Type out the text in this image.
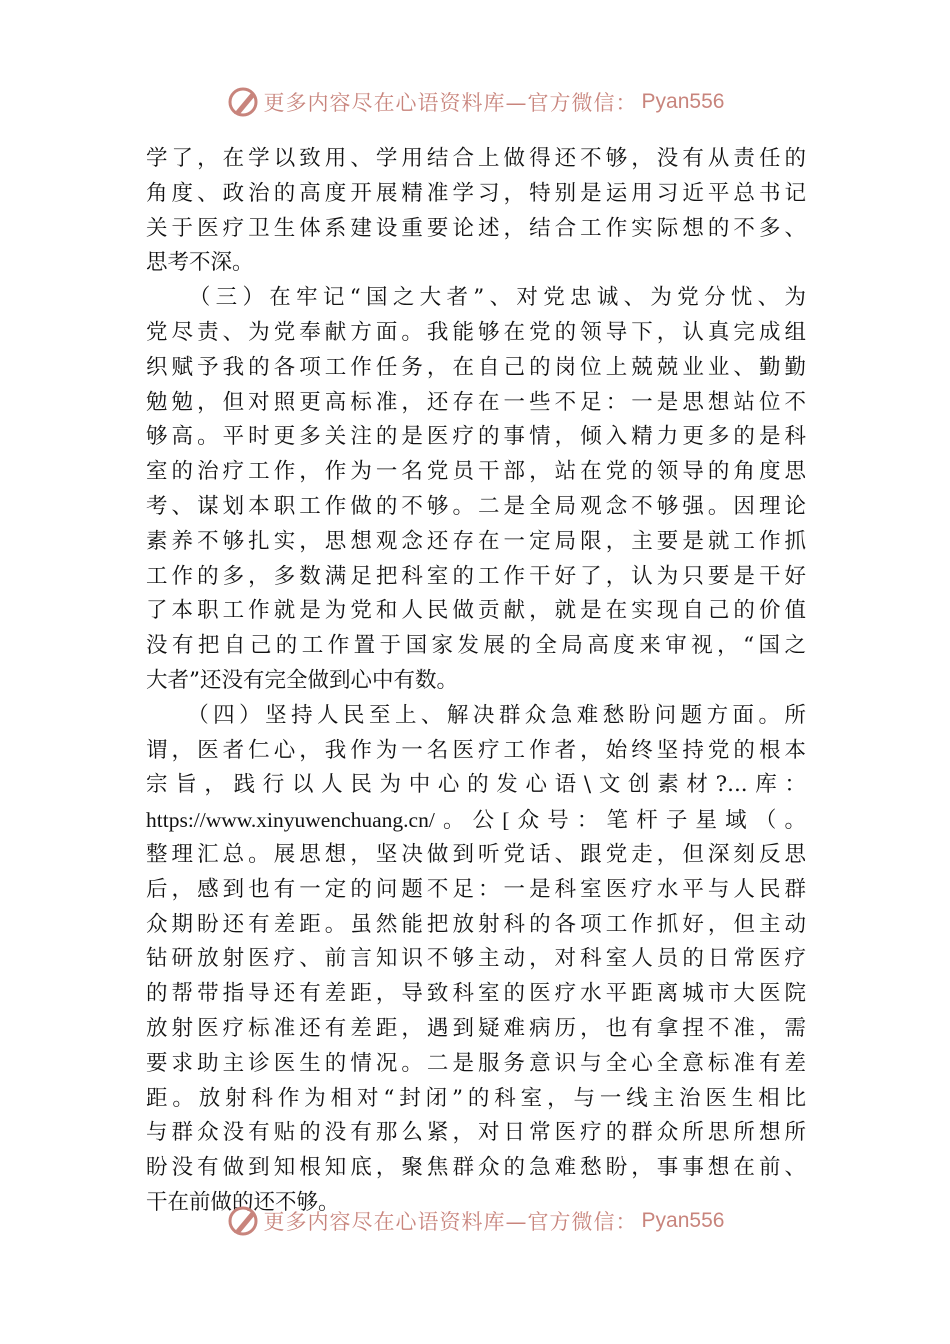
更多内容尽在心语资料库—官方微信： Pyan556
学了，在学以致用、学用结合上做得还不够，没有从责任的
角度、政治的高度开展精准学习，特别是运用习近平总书记
关于医疗卫生体系建设重要论述，结合工作实际想的不多、
思考不深。
　　（三）在牢记“国之大者”、对党忠诚、为党分忧、为
党尽责、为党奉献方面。我能够在党的领导下，认真完成组
织赋予我的各项工作任务，在自己的岗位上兢兢业业、勤勤
勉勉，但对照更高标准，还存在一些不足：一是思想站位不
够高。平时更多关注的是医疗的事情，倾入精力更多的是科
室的治疗工作，作为一名党员干部，站在党的领导的角度思
考、谋划本职工作做的不够。二是全局观念不够强。因理论
素养不够扎实，思想观念还存在一定局限，主要是就工作抓
工作的多，多数满足把科室的工作干好了，认为只要是干好
了本职工作就是为党和人民做贡献，就是在实现自己的价值
没有把自己的工作置于国家发展的全局高度来审视，“国之
大者”还没有完全做到心中有数。
　　（四）坚持人民至上、解决群众急难愁盼问题方面。所
谓，医者仁心，我作为一名医疗工作者，始终坚持党的根本
宗旨，践行以人民为中心的发心语\文创素材?...库：
https://www.xinyuwenchuang.cn/。公[众号：笔杆子星域（。
整理汇总。展思想，坚决做到听党话、跟党走，但深刻反思
后，感到也有一定的问题不足：一是科室医疗水平与人民群
众期盼还有差距。虽然能把放射科的各项工作抓好，但主动
钻研放射医疗、前言知识不够主动，对科室人员的日常医疗
的帮带指导还有差距，导致科室的医疗水平距离城市大医院
放射医疗标准还有差距，遇到疑难病历，也有拿捏不准，需
要求助主诊医生的情况。二是服务意识与全心全意标准有差
距。放射科作为相对“封闭”的科室，与一线主治医生相比
与群众没有贴的没有那么紧，对日常医疗的群众所思所想所
盼没有做到知根知底，聚焦群众的急难愁盼，事事想在前、
干在前做的还不够。
更多内容尽在心语资料库—官方微信： Pyan556
